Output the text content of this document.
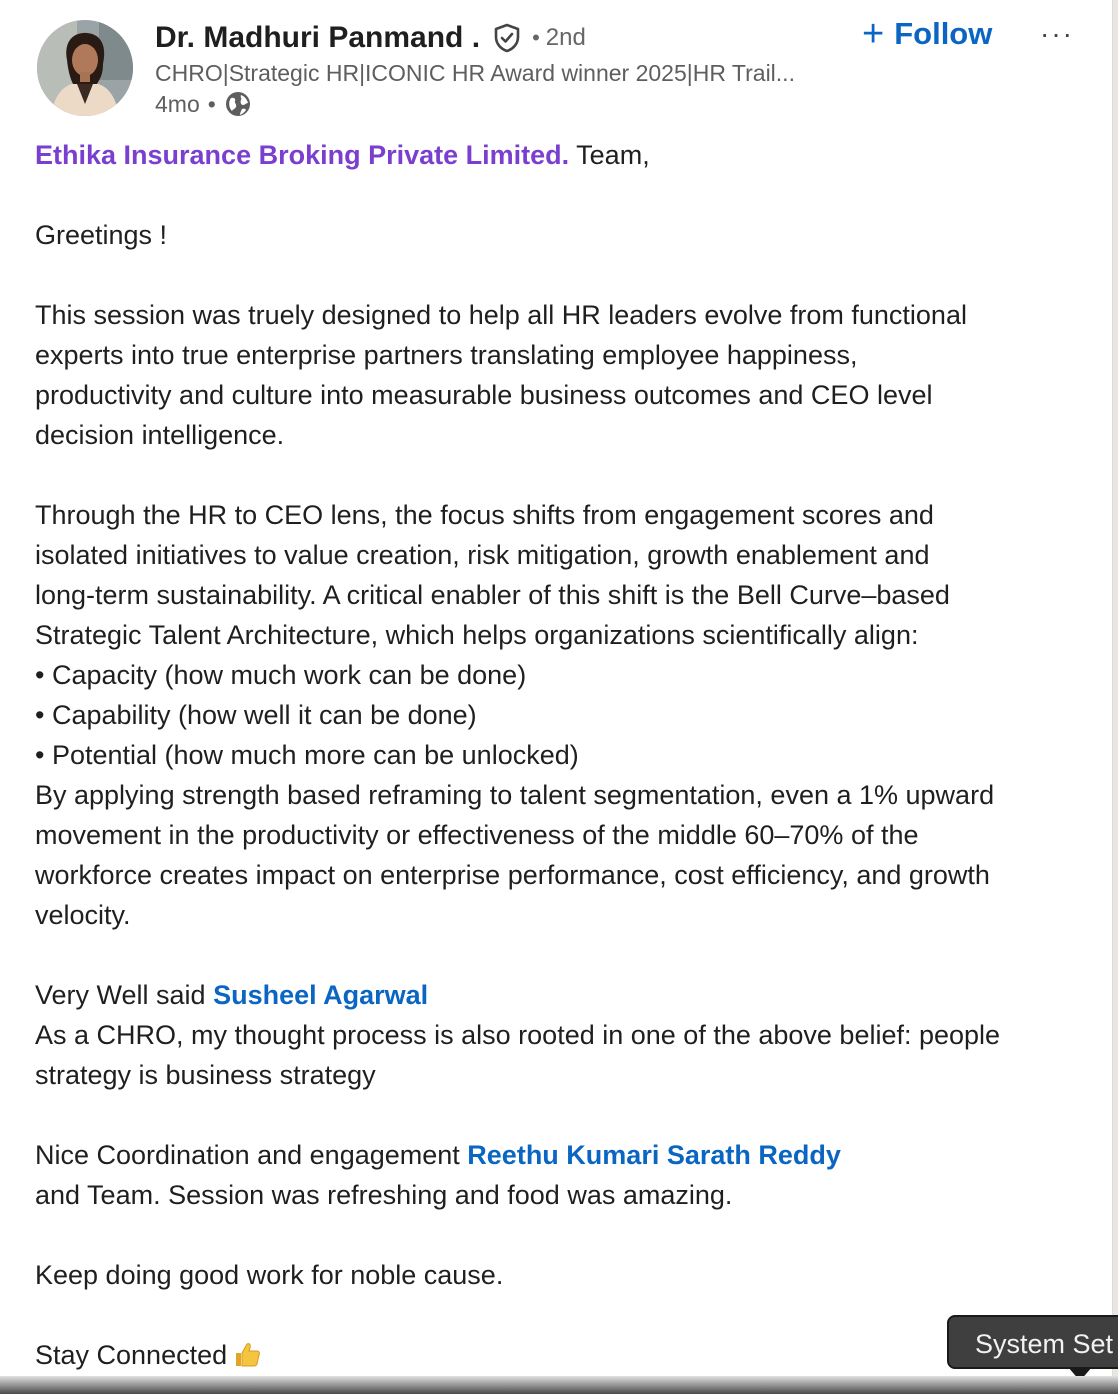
Dr. Madhuri Panmand . • 2nd
CHRO|Strategic HR|ICONIC HR Award winner 2025|HR Trail...
4mo •
+ Follow ···

Ethika Insurance Broking Private Limited. Team,

Greetings !

This session was truely designed to help all HR leaders evolve from functional
experts into true enterprise partners translating employee happiness,
productivity and culture into measurable business outcomes and CEO level
decision intelligence.

Through the HR to CEO lens, the focus shifts from engagement scores and
isolated initiatives to value creation, risk mitigation, growth enablement and
long-term sustainability. A critical enabler of this shift is the Bell Curve–based
Strategic Talent Architecture, which helps organizations scientifically align:
• Capacity (how much work can be done)
• Capability (how well it can be done)
• Potential (how much more can be unlocked)
By applying strength based reframing to talent segmentation, even a 1% upward
movement in the productivity or effectiveness of the middle 60–70% of the
workforce creates impact on enterprise performance, cost efficiency, and growth
velocity.

Very Well said Susheel Agarwal
As a CHRO, my thought process is also rooted in one of the above belief: people
strategy is business strategy

Nice Coordination and engagement Reethu Kumari Sarath Reddy
and Team. Session was refreshing and food was amazing.

Keep doing good work for noble cause.

Stay Connected	System Set
